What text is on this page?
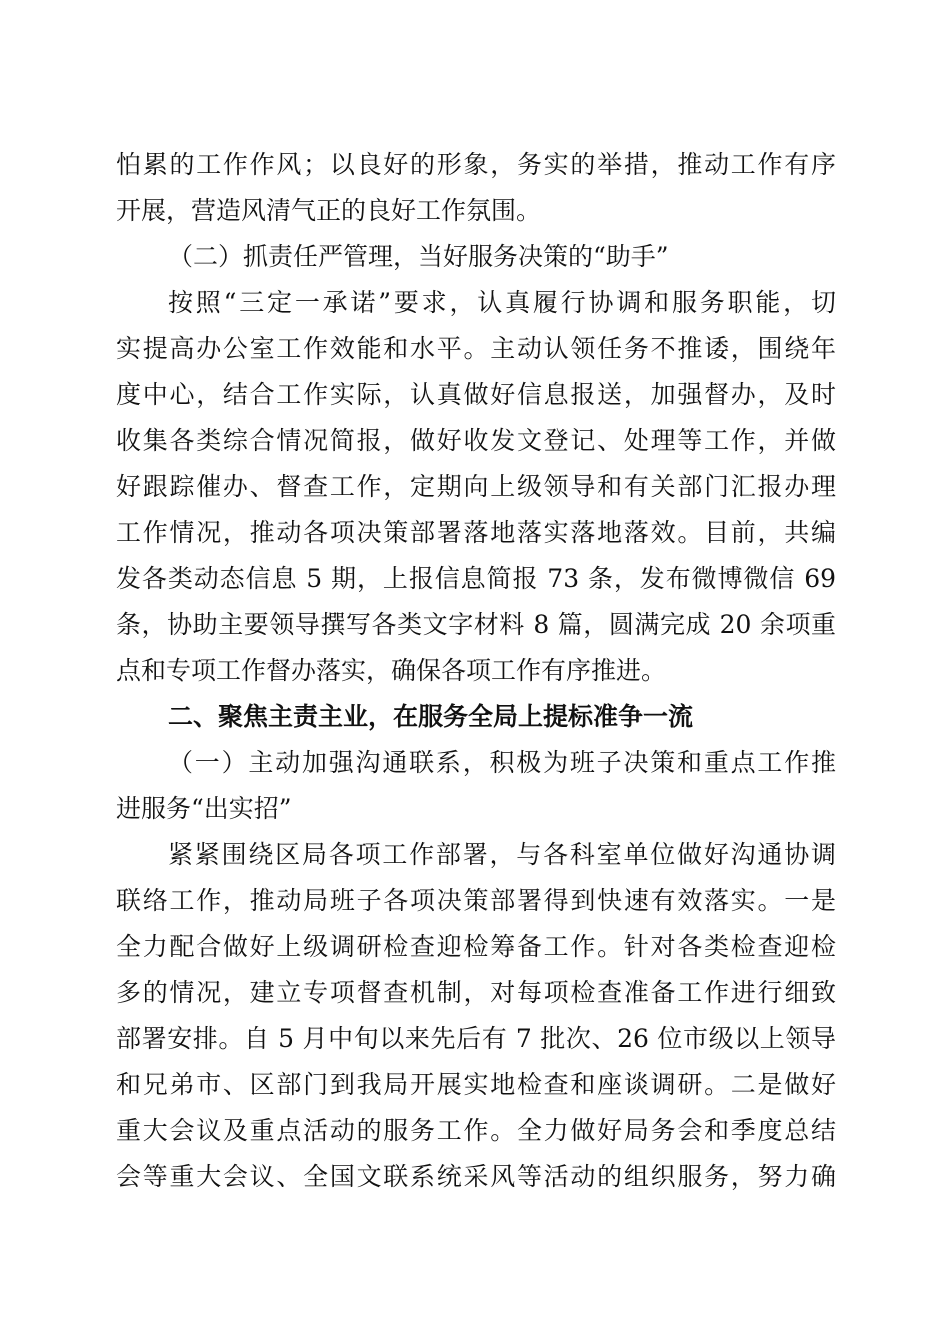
怕累的工作作风；以良好的形象，务实的举措，推动工作有序
开展，营造风清气正的良好工作氛围。
（二）抓责任严管理，当好服务决策的“助手”
按照“三定一承诺”要求，认真履行协调和服务职能，切
实提高办公室工作效能和水平。主动认领任务不推诿，围绕年
度中心，结合工作实际，认真做好信息报送，加强督办，及时
收集各类综合情况简报，做好收发文登记、处理等工作，并做
好跟踪催办、督查工作，定期向上级领导和有关部门汇报办理
工作情况，推动各项决策部署落地落实落地落效。目前，共编
发各类动态信息 5 期，上报信息简报 73 条，发布微博微信 69
条，协助主要领导撰写各类文字材料 8 篇，圆满完成 20 余项重
点和专项工作督办落实，确保各项工作有序推进。
二、聚焦主责主业，在服务全局上提标准争一流
（一）主动加强沟通联系，积极为班子决策和重点工作推
进服务“出实招”
紧紧围绕区局各项工作部署，与各科室单位做好沟通协调
联络工作，推动局班子各项决策部署得到快速有效落实。一是
全力配合做好上级调研检查迎检筹备工作。针对各类检查迎检
多的情况，建立专项督查机制，对每项检查准备工作进行细致
部署安排。自 5 月中旬以来先后有 7 批次、26 位市级以上领导
和兄弟市、区部门到我局开展实地检查和座谈调研。二是做好
重大会议及重点活动的服务工作。全力做好局务会和季度总结
会等重大会议、全国文联系统采风等活动的组织服务，努力确
